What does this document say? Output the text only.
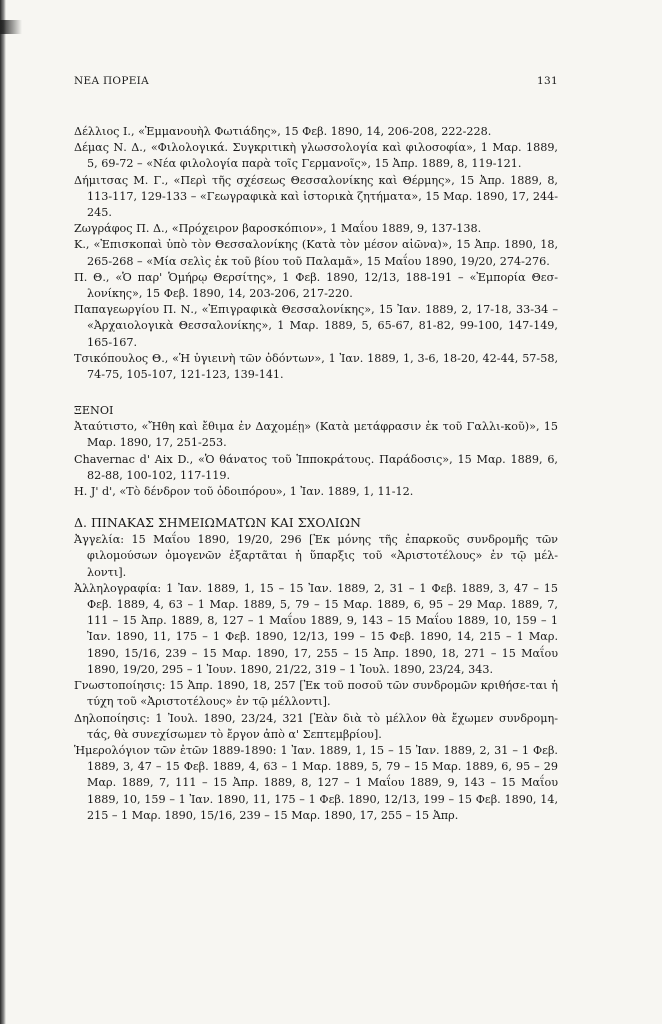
ΝΕΑ ΠΟΡΕΙΑ	131

Δέλλιος Ι., «Ἐμμανουὴλ Φωτιάδης», 15 Φεβ. 1890, 14, 206-208, 222-228.

Δέμας Ν. Δ., «Φιλολογικά. Συγκριτικὴ γλωσσολογία καὶ φιλοσοφία», 1 Μαρ. 1889, 5, 69-72 – «Νέα φιλολογία παρὰ τοῖς Γερμανοῖς», 15 Ἀπρ. 1889, 8, 119-121.

Δήμιτσας Μ. Γ., «Περὶ τῆς σχέσεως Θεσσαλονίκης καὶ Θέρμης», 15 Ἀπρ. 1889, 8, 113-117, 129-133 – «Γεωγραφικὰ καὶ ἱστορικὰ ζητήματα», 15 Μαρ. 1890, 17, 244-245.

Ζωγράφος Π. Δ., «Πρόχειρον βαροσκόπιον», 1 Μαΐου 1889, 9, 137-138.

Κ., «Ἐπισκοπαὶ ὑπὸ τὸν Θεσσαλονίκης (Κατὰ τὸν μέσον αἰῶνα)», 15 Ἀπρ. 1890, 18, 265-268 – «Μία σελὶς ἐκ τοῦ βίου τοῦ Παλαμᾶ», 15 Μαΐου 1890, 19/20, 274-276.

Π. Θ., «Ὁ παρ' Ὁμήρῳ Θερσίτης», 1 Φεβ. 1890, 12/13, 188-191 – «Ἐμπορία Θεσ-λονίκης», 15 Φεβ. 1890, 14, 203-206, 217-220.

Παπαγεωργίου Π. Ν., «Ἐπιγραφικὰ Θεσσαλονίκης», 15 Ἰαν. 1889, 2, 17-18, 33-34 – «Ἀρχαιολογικὰ Θεσσαλονίκης», 1 Μαρ. 1889, 5, 65-67, 81-82, 99-100, 147-149, 165-167.

Τσικόπουλος Θ., «Ἡ ὑγιεινὴ τῶν ὀδόντων», 1 Ἰαν. 1889, 1, 3-6, 18-20, 42-44, 57-58, 74-75, 105-107, 121-123, 139-141.

ΞΕΝΟΙ

Ἀταύτιστο, «Ἤθη καὶ ἔθιμα ἐν Δαχομέῃ» (Κατὰ μετάφρασιν ἐκ τοῦ Γαλλι-κοῦ)», 15 Μαρ. 1890, 17, 251-253.

Chavernac d' Aix D., «Ὁ θάνατος τοῦ Ἱπποκράτους. Παράδοσις», 15 Μαρ. 1889, 6, 82-88, 100-102, 117-119.

Η. J' d', «Τὸ δένδρον τοῦ ὁδοιπόρου», 1 Ἰαν. 1889, 1, 11-12.

Δ. ΠΙΝΑΚΑΣ ΣΗΜΕΙΩΜΑΤΩΝ ΚΑΙ ΣΧΟΛΙΩΝ

Ἀγγελία: 15 Μαΐου 1890, 19/20, 296 [Ἐκ μόνης τῆς ἐπαρκοῦς συνδρομῆς τῶν φιλομούσων ὁμογενῶν ἐξαρτᾶται ἡ ὕπαρξις τοῦ «Ἀριστοτέλους» ἐν τῷ μέλ-λοντι].

Ἀλληλογραφία: 1 Ἰαν. 1889, 1, 15 – 15 Ἰαν. 1889, 2, 31 – 1 Φεβ. 1889, 3, 47 – 15 Φεβ. 1889, 4, 63 – 1 Μαρ. 1889, 5, 79 – 15 Μαρ. 1889, 6, 95 – 29 Μαρ. 1889, 7, 111 – 15 Ἀπρ. 1889, 8, 127 – 1 Μαΐου 1889, 9, 143 – 15 Μαΐου 1889, 10, 159 – 1 Ἰαν. 1890, 11, 175 – 1 Φεβ. 1890, 12/13, 199 – 15 Φεβ. 1890, 14, 215 – 1 Μαρ. 1890, 15/16, 239 – 15 Μαρ. 1890, 17, 255 – 15 Ἀπρ. 1890, 18, 271 – 15 Μαΐου 1890, 19/20, 295 – 1 Ἰουν. 1890, 21/22, 319 – 1 Ἰουλ. 1890, 23/24, 343.

Γνωστοποίησις: 15 Ἀπρ. 1890, 18, 257 [Ἐκ τοῦ ποσοῦ τῶν συνδρομῶν κριθήσε-ται ἡ τύχη τοῦ «Ἀριστοτέλους» ἐν τῷ μέλλοντι].

Δηλοποίησις: 1 Ἰουλ. 1890, 23/24, 321 [Ἐὰν διὰ τὸ μέλλον θὰ ἔχωμεν συνδρομη-τάς, θὰ συνεχίσωμεν τὸ ἔργον ἀπὸ α' Σεπτεμβρίου].

Ἡμερολόγιον τῶν ἐτῶν 1889-1890: 1 Ἰαν. 1889, 1, 15 – 15 Ἰαν. 1889, 2, 31 – 1 Φεβ. 1889, 3, 47 – 15 Φεβ. 1889, 4, 63 – 1 Μαρ. 1889, 5, 79 – 15 Μαρ. 1889, 6, 95 – 29 Μαρ. 1889, 7, 111 – 15 Ἀπρ. 1889, 8, 127 – 1 Μαΐου 1889, 9, 143 – 15 Μαΐου 1889, 10, 159 – 1 Ἰαν. 1890, 11, 175 – 1 Φεβ. 1890, 12/13, 199 – 15 Φεβ. 1890, 14, 215 – 1 Μαρ. 1890, 15/16, 239 – 15 Μαρ. 1890, 17, 255 – 15 Ἀπρ.
